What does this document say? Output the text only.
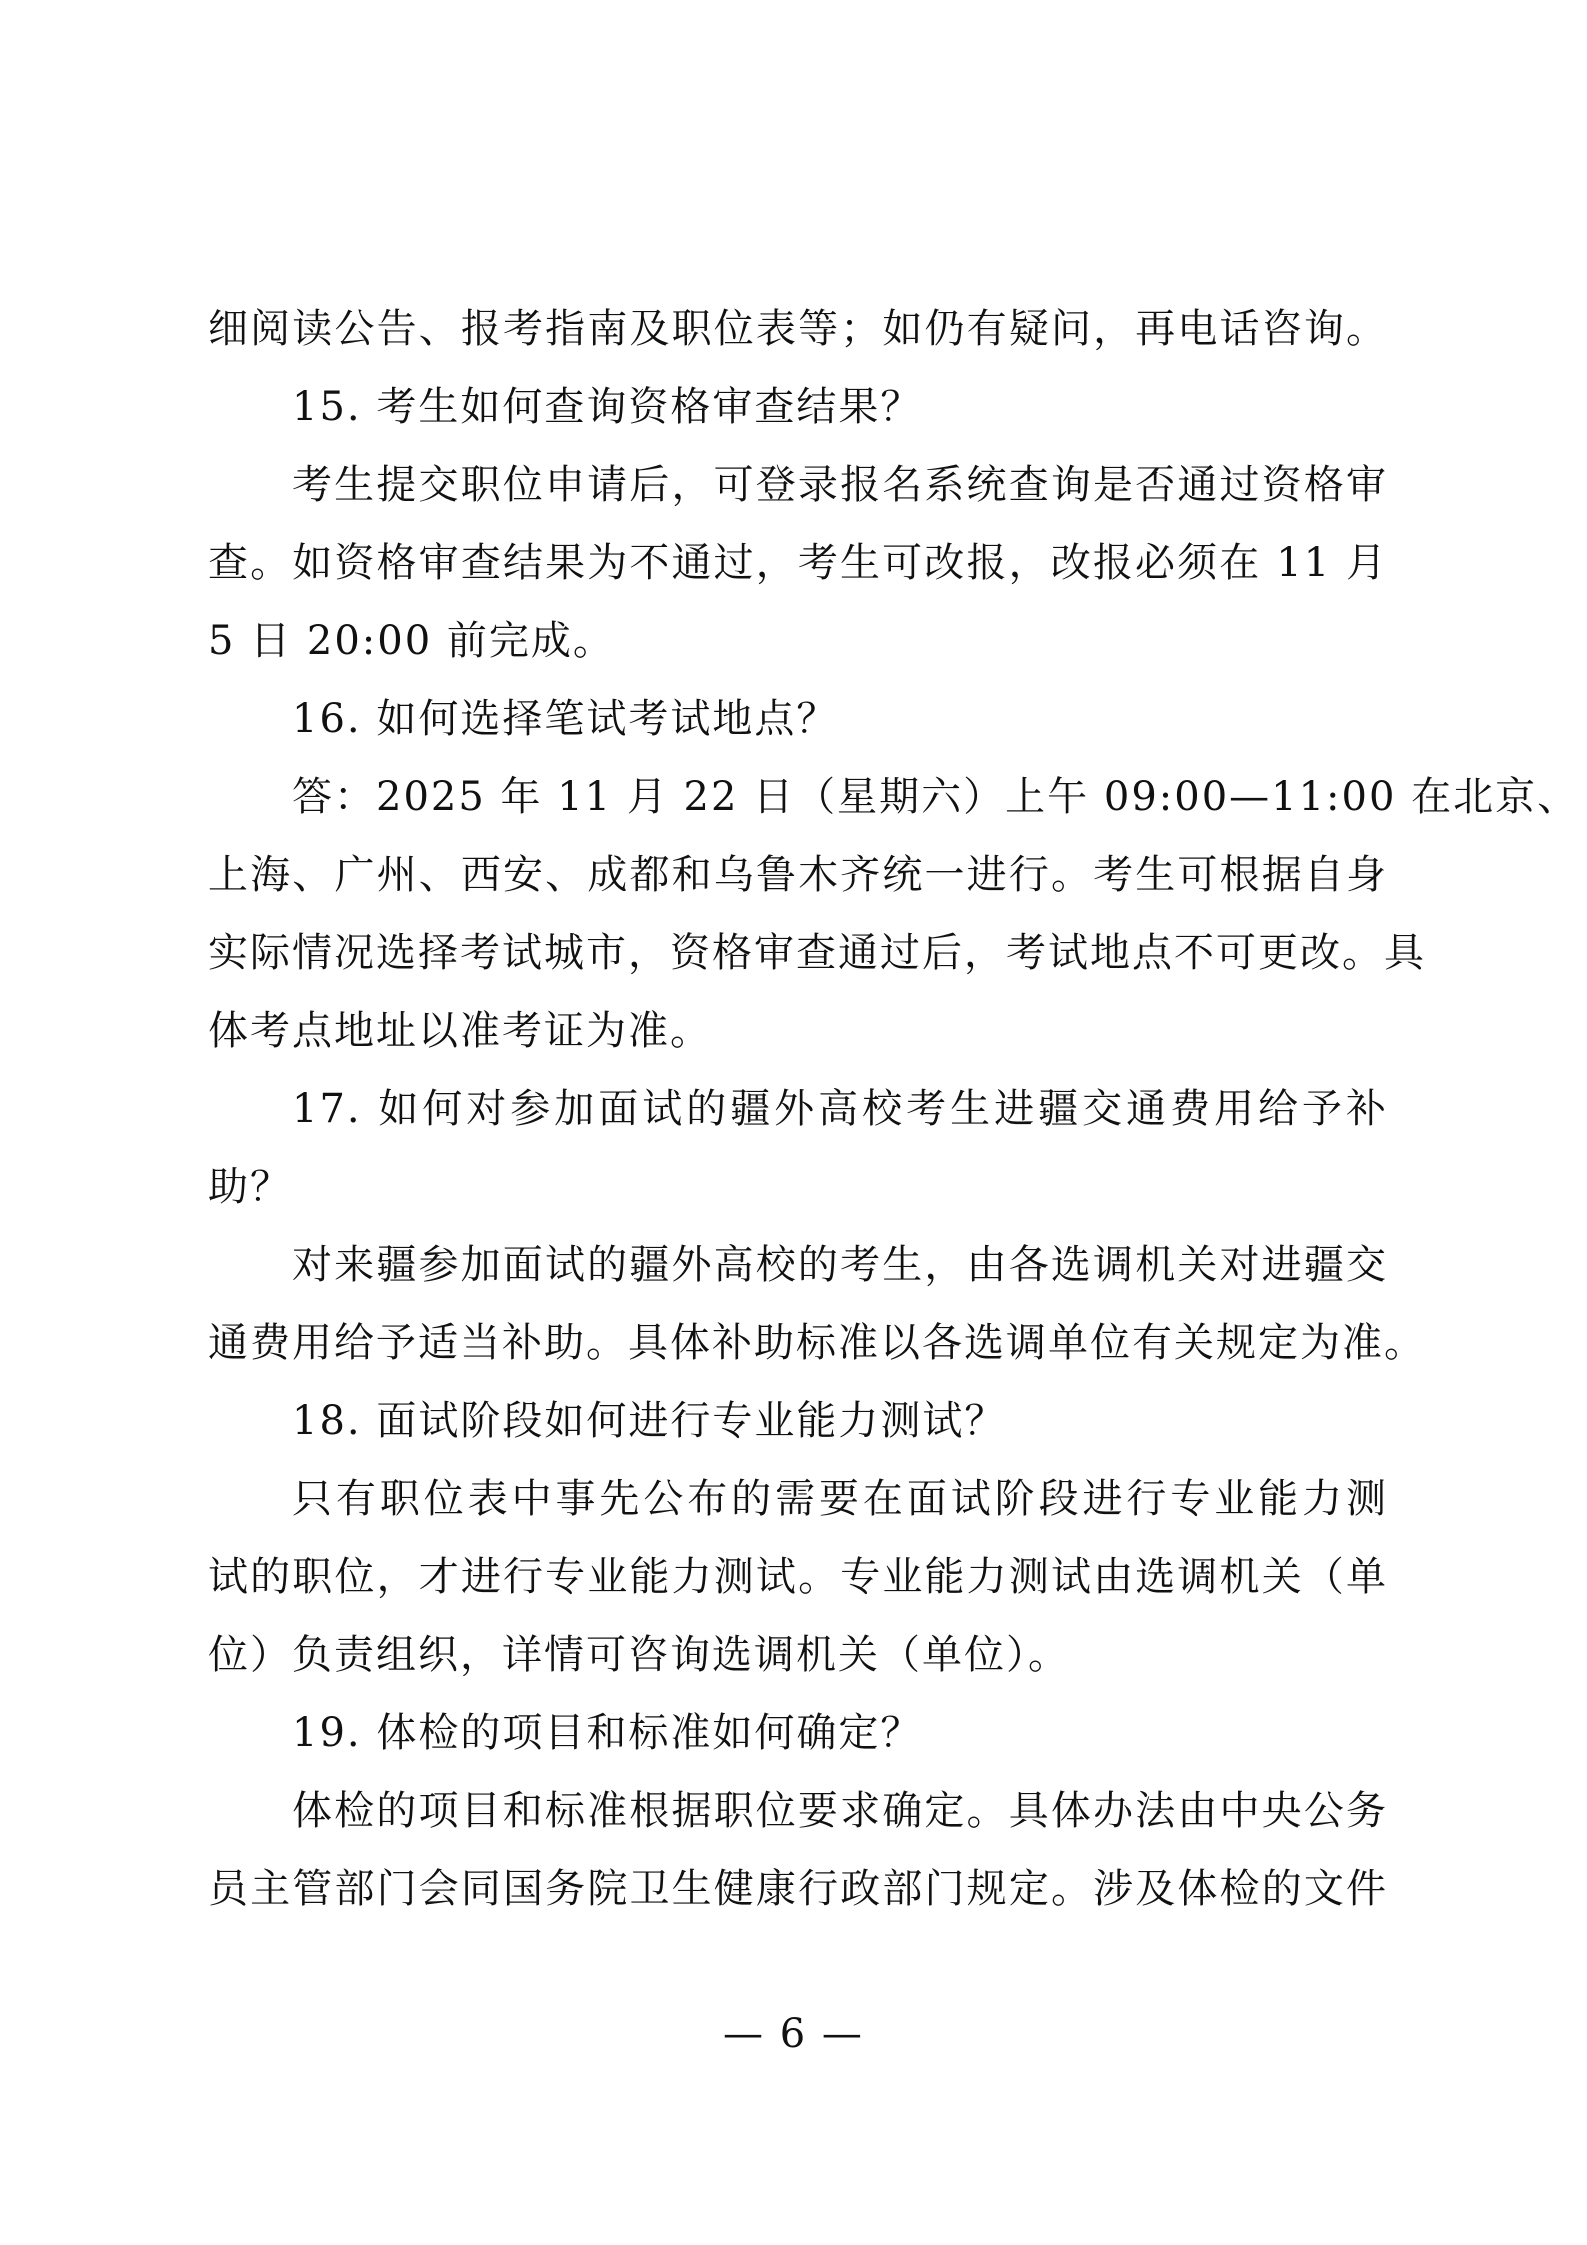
细阅读公告、报考指南及职位表等；如仍有疑问，再电话咨询。
15. 考生如何查询资格审查结果？
考生提交职位申请后，可登录报名系统查询是否通过资格审
查。如资格审查结果为不通过，考生可改报，改报必须在 11 月
5 日 20:00 前完成。
16. 如何选择笔试考试地点？
答：2025 年 11 月 22 日（星期六）上午 09:00—11:00 在北京、
上海、广州、西安、成都和乌鲁木齐统一进行。考生可根据自身
实际情况选择考试城市，资格审查通过后，考试地点不可更改。具
体考点地址以准考证为准。
17. 如何对参加面试的疆外高校考生进疆交通费用给予补
助？
对来疆参加面试的疆外高校的考生，由各选调机关对进疆交
通费用给予适当补助。具体补助标准以各选调单位有关规定为准。
18. 面试阶段如何进行专业能力测试？
只有职位表中事先公布的需要在面试阶段进行专业能力测
试的职位，才进行专业能力测试。专业能力测试由选调机关（单
位）负责组织，详情可咨询选调机关（单位）。
19. 体检的项目和标准如何确定？
体检的项目和标准根据职位要求确定。具体办法由中央公务
员主管部门会同国务院卫生健康行政部门规定。涉及体检的文件
— 6 —
